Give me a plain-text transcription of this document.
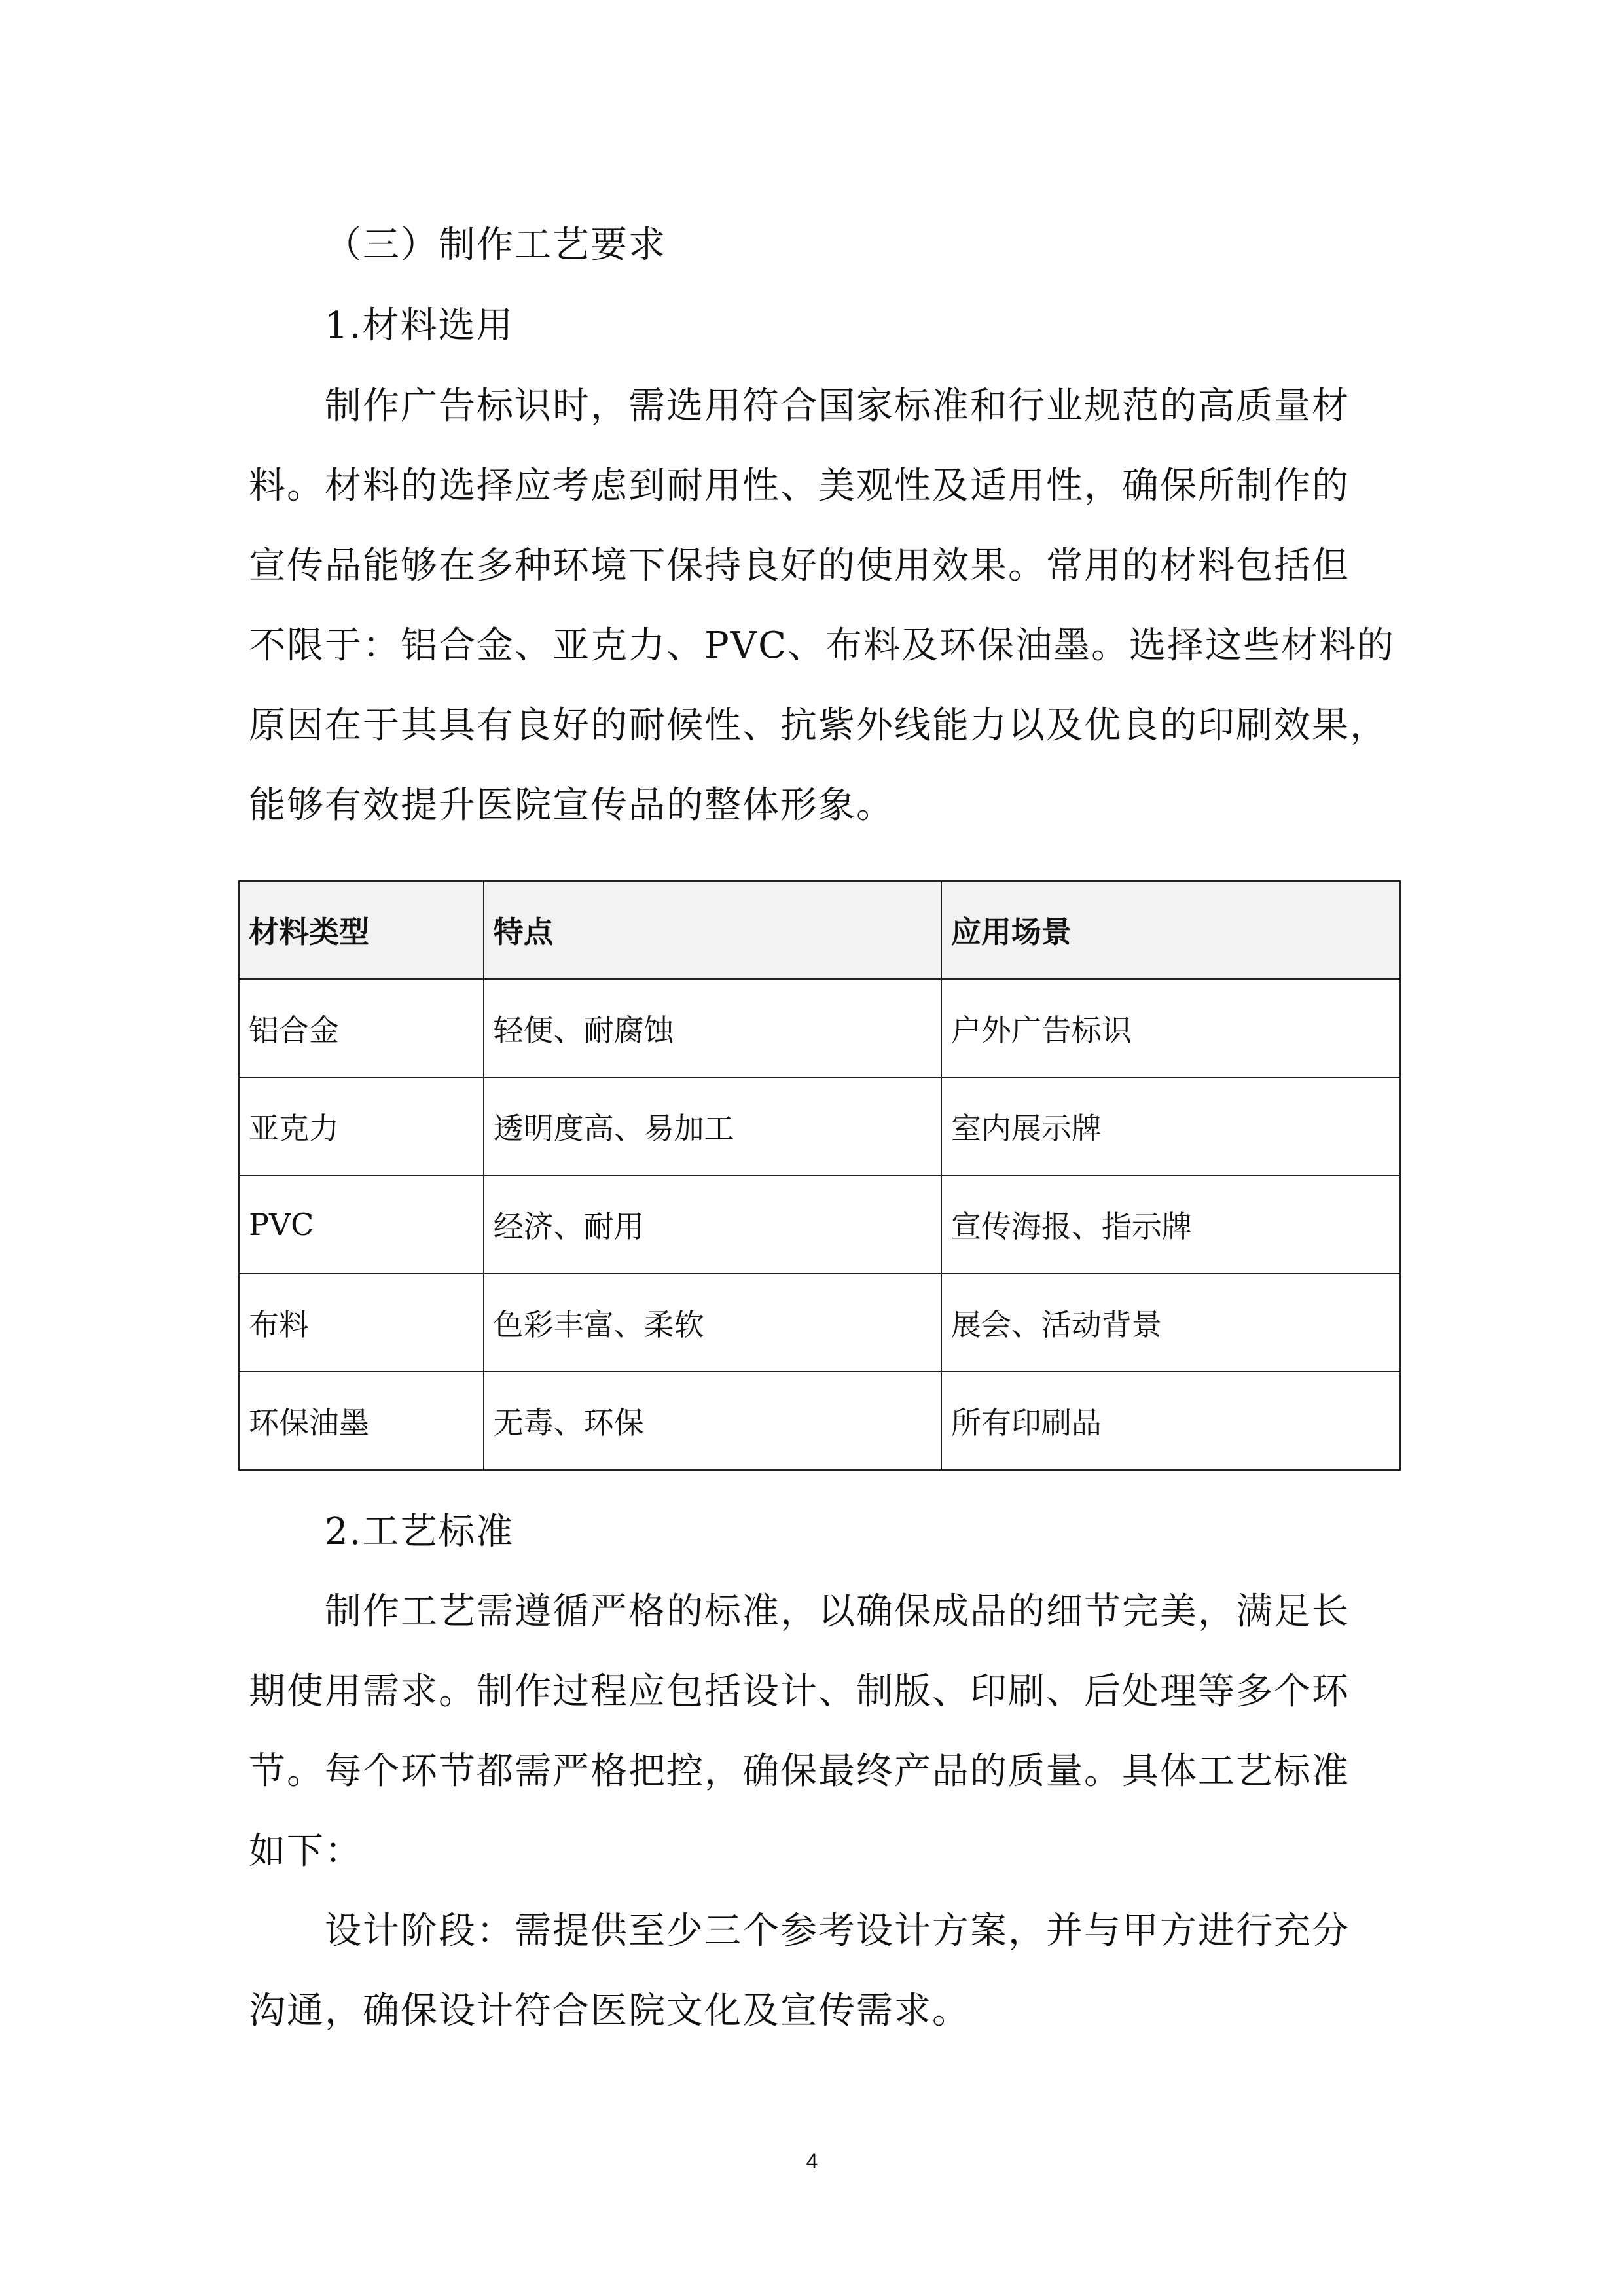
（三）制作工艺要求
1.材料选用
制作广告标识时，需选用符合国家标准和行业规范的高质量材
料。材料的选择应考虑到耐用性、美观性及适用性，确保所制作的
宣传品能够在多种环境下保持良好的使用效果。常用的材料包括但
不限于：铝合金、亚克力、PVC、布料及环保油墨。选择这些材料的
原因在于其具有良好的耐候性、抗紫外线能力以及优良的印刷效果，
能够有效提升医院宣传品的整体形象。
材料类型	特点	应用场景
铝合金	轻便、耐腐蚀	户外广告标识
亚克力	透明度高、易加工	室内展示牌
PVC	经济、耐用	宣传海报、指示牌
布料	色彩丰富、柔软	展会、活动背景
环保油墨	无毒、环保	所有印刷品
2.工艺标准
制作工艺需遵循严格的标准，以确保成品的细节完美，满足长
期使用需求。制作过程应包括设计、制版、印刷、后处理等多个环
节。每个环节都需严格把控，确保最终产品的质量。具体工艺标准
如下：
设计阶段：需提供至少三个参考设计方案，并与甲方进行充分
沟通，确保设计符合医院文化及宣传需求。
4
